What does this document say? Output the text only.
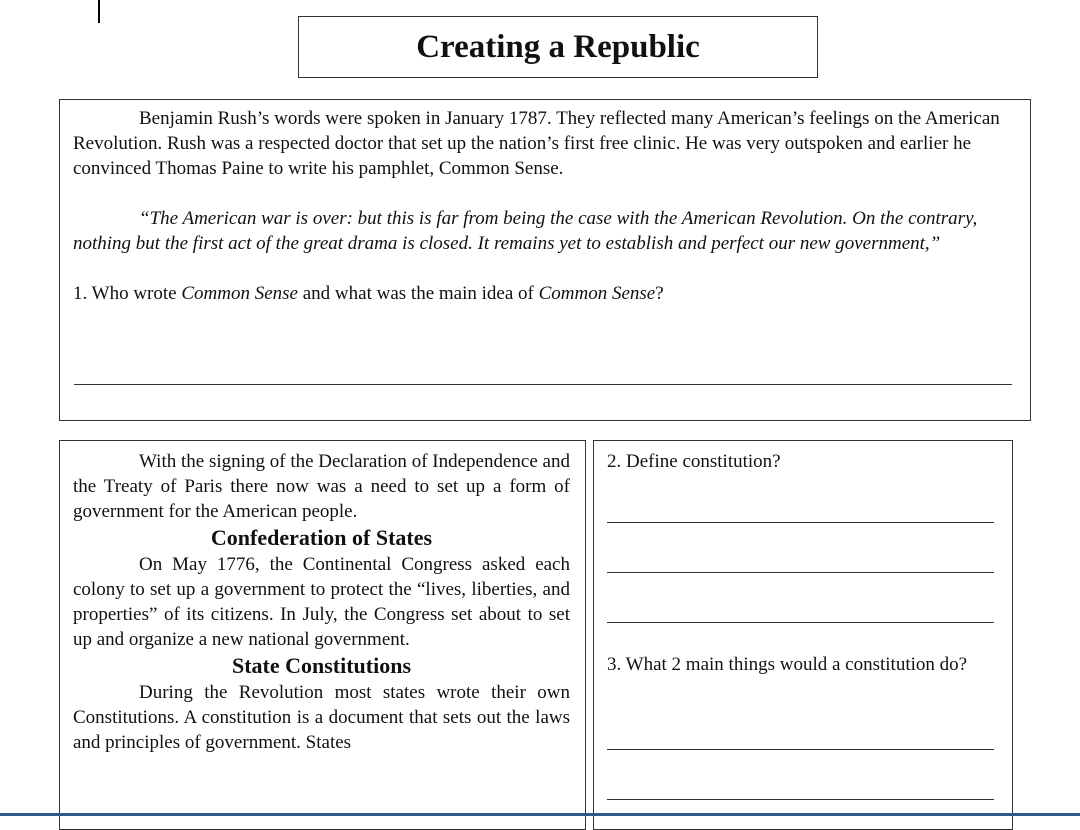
Creating a Republic

Benjamin Rush’s words were spoken in January 1787. They reflected many American’s feelings on the American Revolution. Rush was a respected doctor that set up the nation’s first free clinic. He was very outspoken and earlier he convinced Thomas Paine to write his pamphlet, Common Sense.

“The American war is over: but this is far from being the case with the American Revolution. On the contrary, nothing but the first act of the great drama is closed. It remains yet to establish and perfect our new government,”

1. Who wrote Common Sense and what was the main idea of Common Sense?

With the signing of the Declaration of Independence and the Treaty of Paris there now was a need to set up a form of government for the American people.

Confederation of States

On May 1776, the Continental Congress asked each colony to set up a government to protect the “lives, liberties, and properties” of its citizens. In July, the Congress set about to set up and organize a new national government.

State Constitutions

During the Revolution most states wrote their own Constitutions. A constitution is a document that sets out the laws and principles of government. States

2. Define constitution?

3. What 2 main things would a constitution do?
